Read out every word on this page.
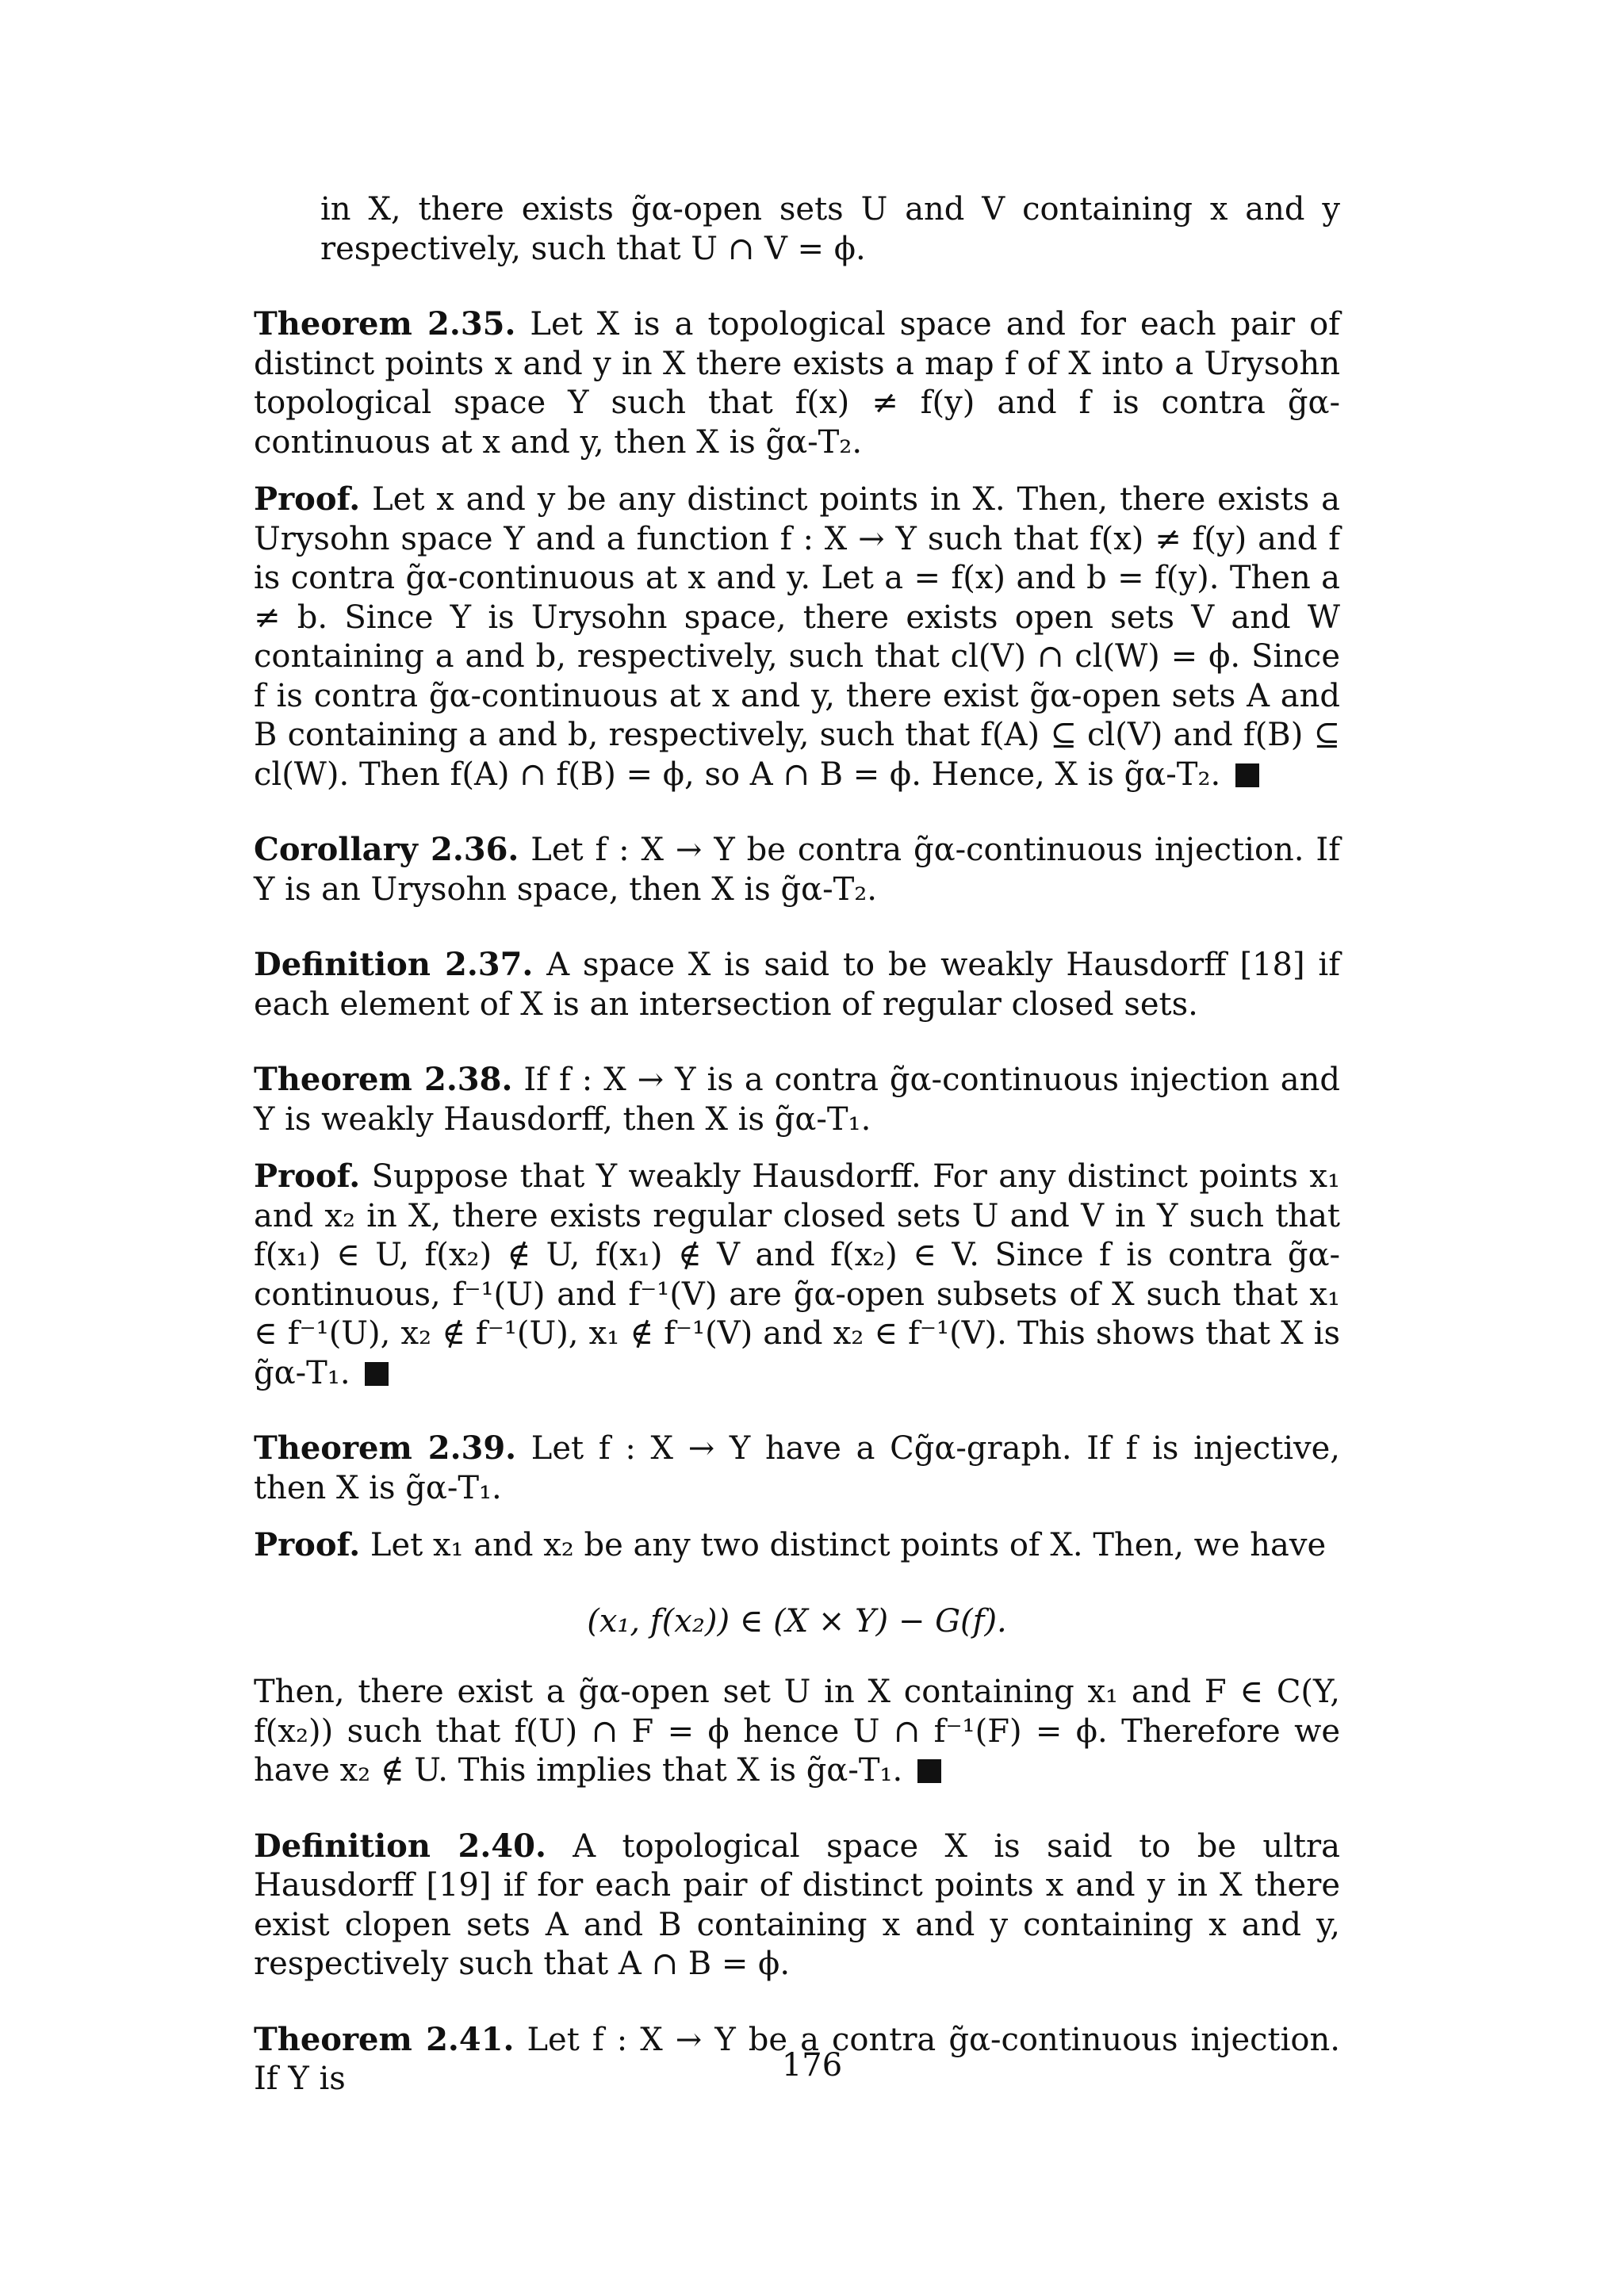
in X, there exists g̃α-open sets U and V containing x and y respectively, such that U ∩ V = ϕ.

Theorem 2.35. Let X is a topological space and for each pair of distinct points x and y in X there exists a map f of X into a Urysohn topological space Y such that f(x) ≠ f(y) and f is contra g̃α-continuous at x and y, then X is g̃α-T₂.

Proof. Let x and y be any distinct points in X. Then, there exists a Urysohn space Y and a function f : X → Y such that f(x) ≠ f(y) and f is contra g̃α-continuous at x and y. Let a = f(x) and b = f(y). Then a ≠ b. Since Y is Urysohn space, there exists open sets V and W containing a and b, respectively, such that cl(V) ∩ cl(W) = ϕ. Since f is contra g̃α-continuous at x and y, there exist g̃α-open sets A and B containing a and b, respectively, such that f(A) ⊆ cl(V) and f(B) ⊆ cl(W). Then f(A) ∩ f(B) = ϕ, so A ∩ B = ϕ. Hence, X is g̃α-T₂.

Corollary 2.36. Let f : X → Y be contra g̃α-continuous injection. If Y is an Urysohn space, then X is g̃α-T₂.

Definition 2.37. A space X is said to be weakly Hausdorff [18] if each element of X is an intersection of regular closed sets.

Theorem 2.38. If f : X → Y is a contra g̃α-continuous injection and Y is weakly Hausdorff, then X is g̃α-T₁.

Proof. Suppose that Y weakly Hausdorff. For any distinct points x₁ and x₂ in X, there exists regular closed sets U and V in Y such that f(x₁) ∈ U, f(x₂) ∉ U, f(x₁) ∉ V and f(x₂) ∈ V. Since f is contra g̃α-continuous, f⁻¹(U) and f⁻¹(V) are g̃α-open subsets of X such that x₁ ∈ f⁻¹(U), x₂ ∉ f⁻¹(U), x₁ ∉ f⁻¹(V) and x₂ ∈ f⁻¹(V). This shows that X is g̃α-T₁.

Theorem 2.39. Let f : X → Y have a Cg̃α-graph. If f is injective, then X is g̃α-T₁.

Proof. Let x₁ and x₂ be any two distinct points of X. Then, we have

(x₁, f(x₂)) ∈ (X × Y) − G(f).

Then, there exist a g̃α-open set U in X containing x₁ and F ∈ C(Y, f(x₂)) such that f(U) ∩ F = ϕ hence U ∩ f⁻¹(F) = ϕ. Therefore we have x₂ ∉ U. This implies that X is g̃α-T₁.

Definition 2.40. A topological space X is said to be ultra Hausdorff [19] if for each pair of distinct points x and y in X there exist clopen sets A and B containing x and y containing x and y, respectively such that A ∩ B = ϕ.

Theorem 2.41. Let f : X → Y be a contra g̃α-continuous injection. If Y is	176
